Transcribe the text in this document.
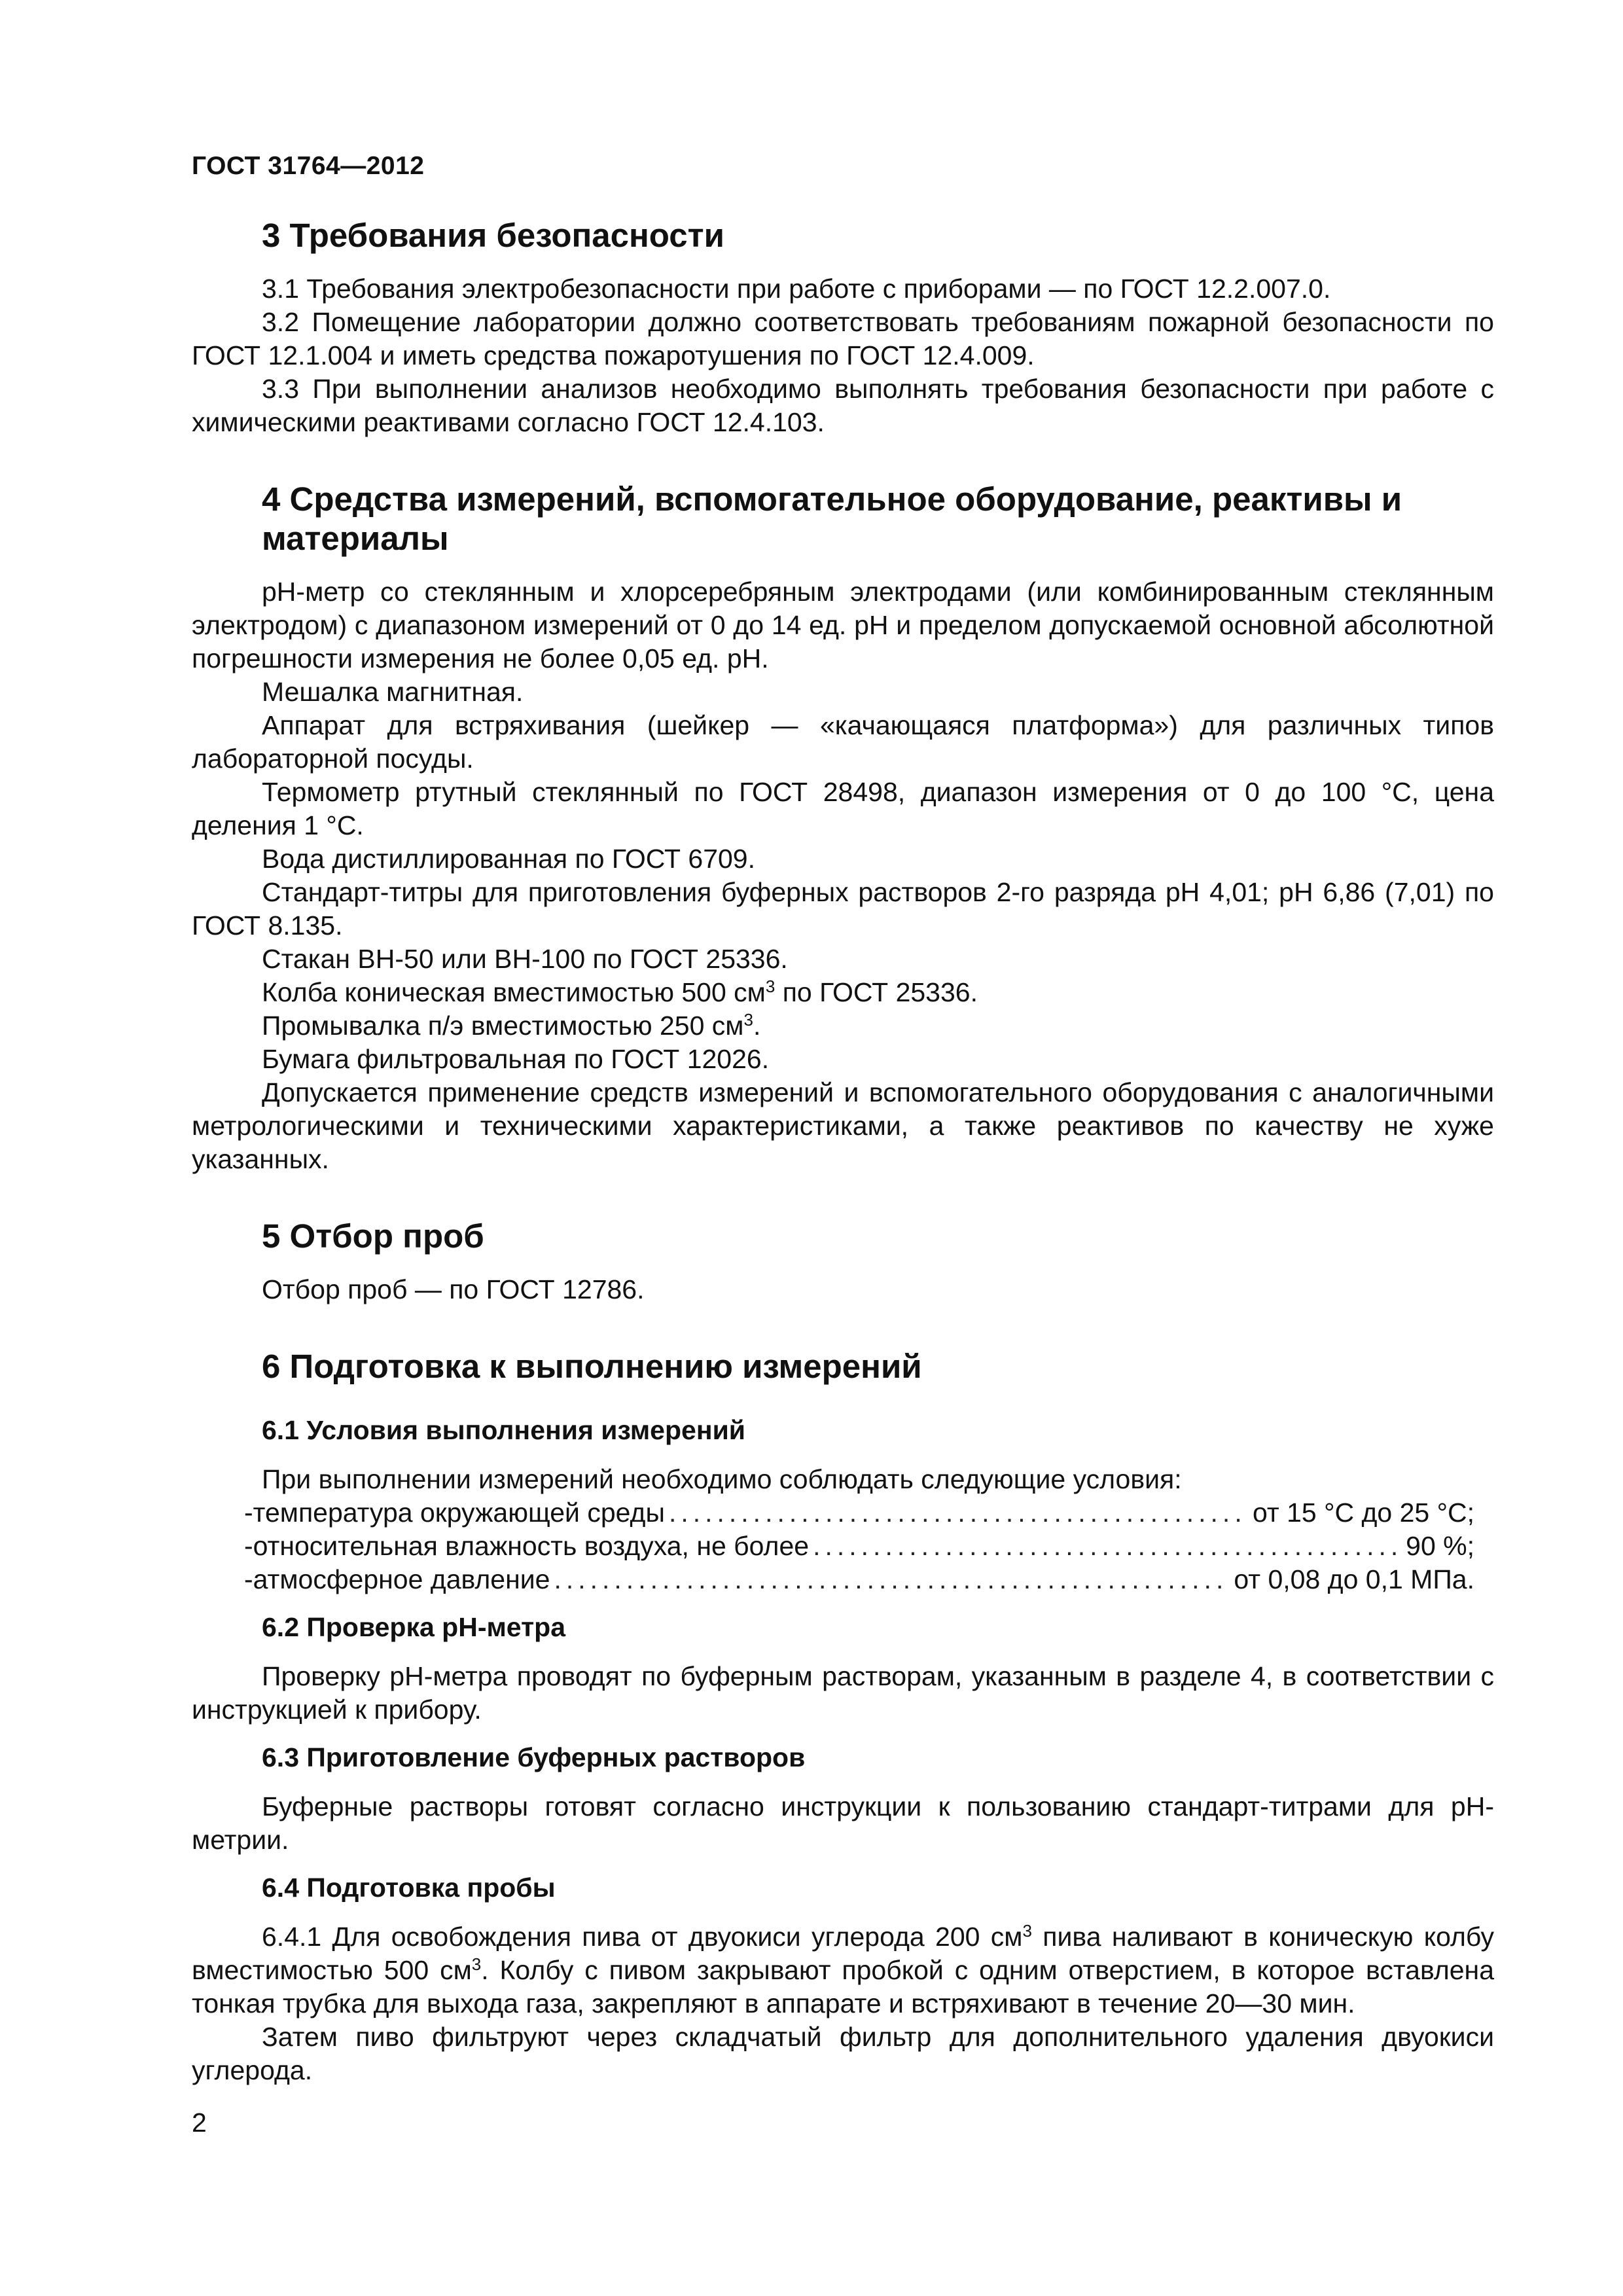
ГОСТ 31764—2012
3 Требования безопасности

3.1 Требования электробезопасности при работе с приборами — по ГОСТ 12.2.007.0.

3.2 Помещение лаборатории должно соответствовать требованиям пожарной безопасности по ГОСТ 12.1.004 и иметь средства пожаротушения по ГОСТ 12.4.009.

3.3 При выполнении анализов необходимо выполнять требования безопасности при работе с химическими реактивами согласно ГОСТ 12.4.103.

4 Средства измерений, вспомогательное оборудование, реактивы и
материалы

pH-метр со стеклянным и хлорсеребряным электродами (или комбинированным стеклянным электродом) с диапазоном измерений от 0 до 14 ед. pH и пределом допускаемой основной абсолютной погрешности измерения не более 0,05 ед. pH.

Мешалка магнитная.

Аппарат для встряхивания (шейкер — «качающаяся платформа») для различных типов лабораторной посуды.

Термометр ртутный стеклянный по ГОСТ 28498, диапазон измерения от 0 до 100 °С, цена деления 1 °С.

Вода дистиллированная по ГОСТ 6709.

Стандарт-титры для приготовления буферных растворов 2-го разряда pH 4,01; pH 6,86 (7,01) по ГОСТ 8.135.

Стакан ВН-50 или ВН-100 по ГОСТ 25336.

Колба коническая вместимостью 500 $см^3$ по ГОСТ 25336.

Промывалка п/э вместимостью 250 $см^3$.

Бумага фильтровальная по ГОСТ 12026.

Допускается применение средств измерений и вспомогательного оборудования с аналогичными метрологическими и техническими характеристиками, а также реактивов по качеству не хуже указанных.

5 Отбор проб

Отбор проб — по ГОСТ 12786.

6 Подготовка к выполнению измерений
6.1 Условия выполнения измерений

При выполнении измерений необходимо соблюдать следующие условия:

- температура окружающей среды .....	от 15 °С до 25 °С;
- относительная влажность воздуха, не более .....	90 %;
- атмосферное давление .....	от 0,08 до 0,1 МПа.
6.2 Проверка pH-метра

Проверку pH-метра проводят по буферным растворам, указанным в разделе 4, в соответствии с инструкцией к прибору.

6.3 Приготовление буферных растворов

Буферные растворы готовят согласно инструкции к пользованию стандарт-титрами для pH-метрии.

6.4 Подготовка пробы

6.4.1 Для освобождения пива от двуокиси углерода 200 $см^3$ пива наливают в коническую колбу вместимостью 500 $см^3$. Колбу с пивом закрывают пробкой с одним отверстием, в которое вставлена тонкая трубка для выхода газа, закрепляют в аппарате и встряхивают в течение 20—30 мин.

Затем пиво фильтруют через складчатый фильтр для дополнительного удаления двуокиси углерода.

2
